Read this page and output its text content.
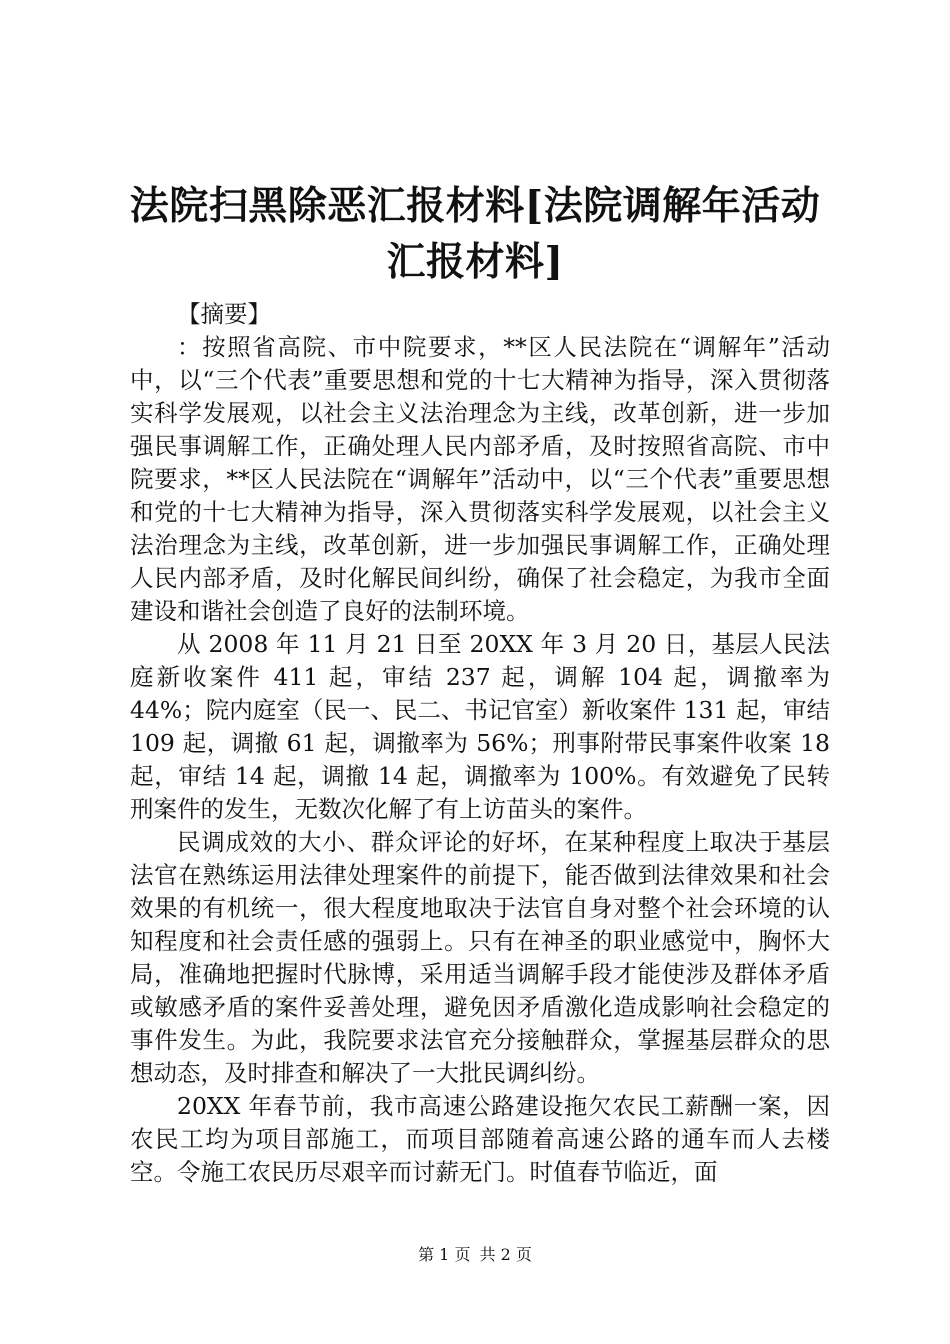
法院扫黑除恶汇报材料[法院调解年活动汇报材料]

【摘要】

：按照省高院、市中院要求，**区人民法院在“调解年”活动中，以“三个代表”重要思想和党的十七大精神为指导，深入贯彻落实科学发展观，以社会主义法治理念为主线，改革创新，进一步加强民事调解工作，正确处理人民内部矛盾，及时按照省高院、市中院要求，**区人民法院在“调解年”活动中，以“三个代表”重要思想和党的十七大精神为指导，深入贯彻落实科学发展观，以社会主义法治理念为主线，改革创新，进一步加强民事调解工作，正确处理人民内部矛盾，及时化解民间纠纷，确保了社会稳定，为我市全面建设和谐社会创造了良好的法制环境。

从 2008 年 11 月 21 日至 20XX 年 3 月 20 日，基层人民法庭新收案件 411 起，审结 237 起，调解 104 起，调撤率为 44%；院内庭室（民一、民二、书记官室）新收案件 131 起，审结 109 起，调撤 61 起，调撤率为 56%；刑事附带民事案件收案 18 起，审结 14 起，调撤 14 起，调撤率为 100%。有效避免了民转刑案件的发生，无数次化解了有上访苗头的案件。

民调成效的大小、群众评论的好坏，在某种程度上取决于基层法官在熟练运用法律处理案件的前提下，能否做到法律效果和社会效果的有机统一，很大程度地取决于法官自身对整个社会环境的认知程度和社会责任感的强弱上。只有在神圣的职业感觉中，胸怀大局，准确地把握时代脉博，采用适当调解手段才能使涉及群体矛盾或敏感矛盾的案件妥善处理，避免因矛盾激化造成影响社会稳定的事件发生。为此，我院要求法官充分接触群众，掌握基层群众的思想动态，及时排查和解决了一大批民调纠纷。

20XX 年春节前，我市高速公路建设拖欠农民工薪酬一案，因农民工均为项目部施工，而项目部随着高速公路的通车而人去楼空。令施工农民历尽艰辛而讨薪无门。时值春节临近，面

第 1 页 共 2 页
